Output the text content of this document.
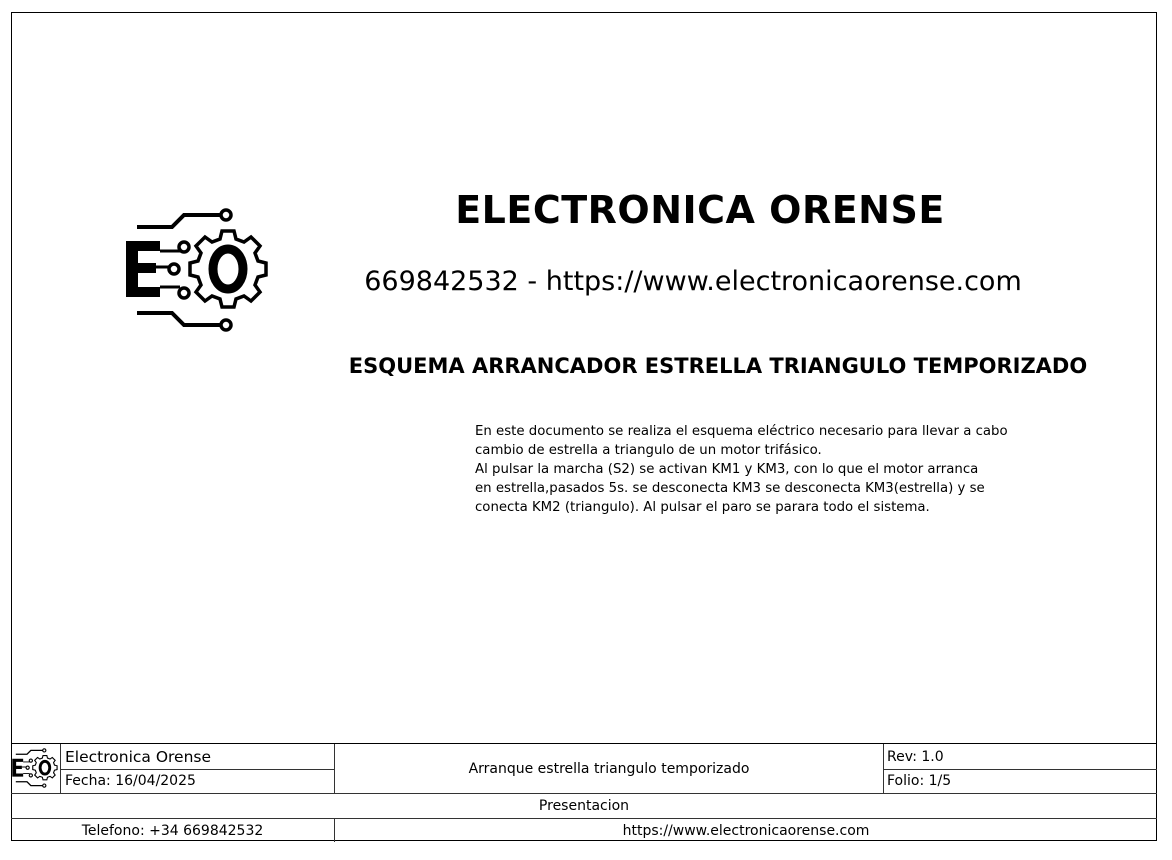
ELECTRONICA ORENSE
669842532 - https://www.electronicaorense.com
ESQUEMA ARRANCADOR ESTRELLA TRIANGULO TEMPORIZADO

En este documento se realiza el esquema eléctrico necesario para llevar a cabo

cambio de estrella a triangulo de un motor trifásico.

Al pulsar la marcha (S2) se activan KM1 y KM3, con lo que el motor arranca

en estrella,pasados 5s. se desconecta KM3 se desconecta KM3(estrella) y se

conecta KM2 (triangulo). Al pulsar el paro se parara todo el sistema.

Electronica Orense
Fecha: 16/04/2025
Arranque estrella triangulo temporizado
Rev: 1.0
Folio: 1/5
Presentacion
Telefono: +34 669842532	https://www.electronicaorense.com
